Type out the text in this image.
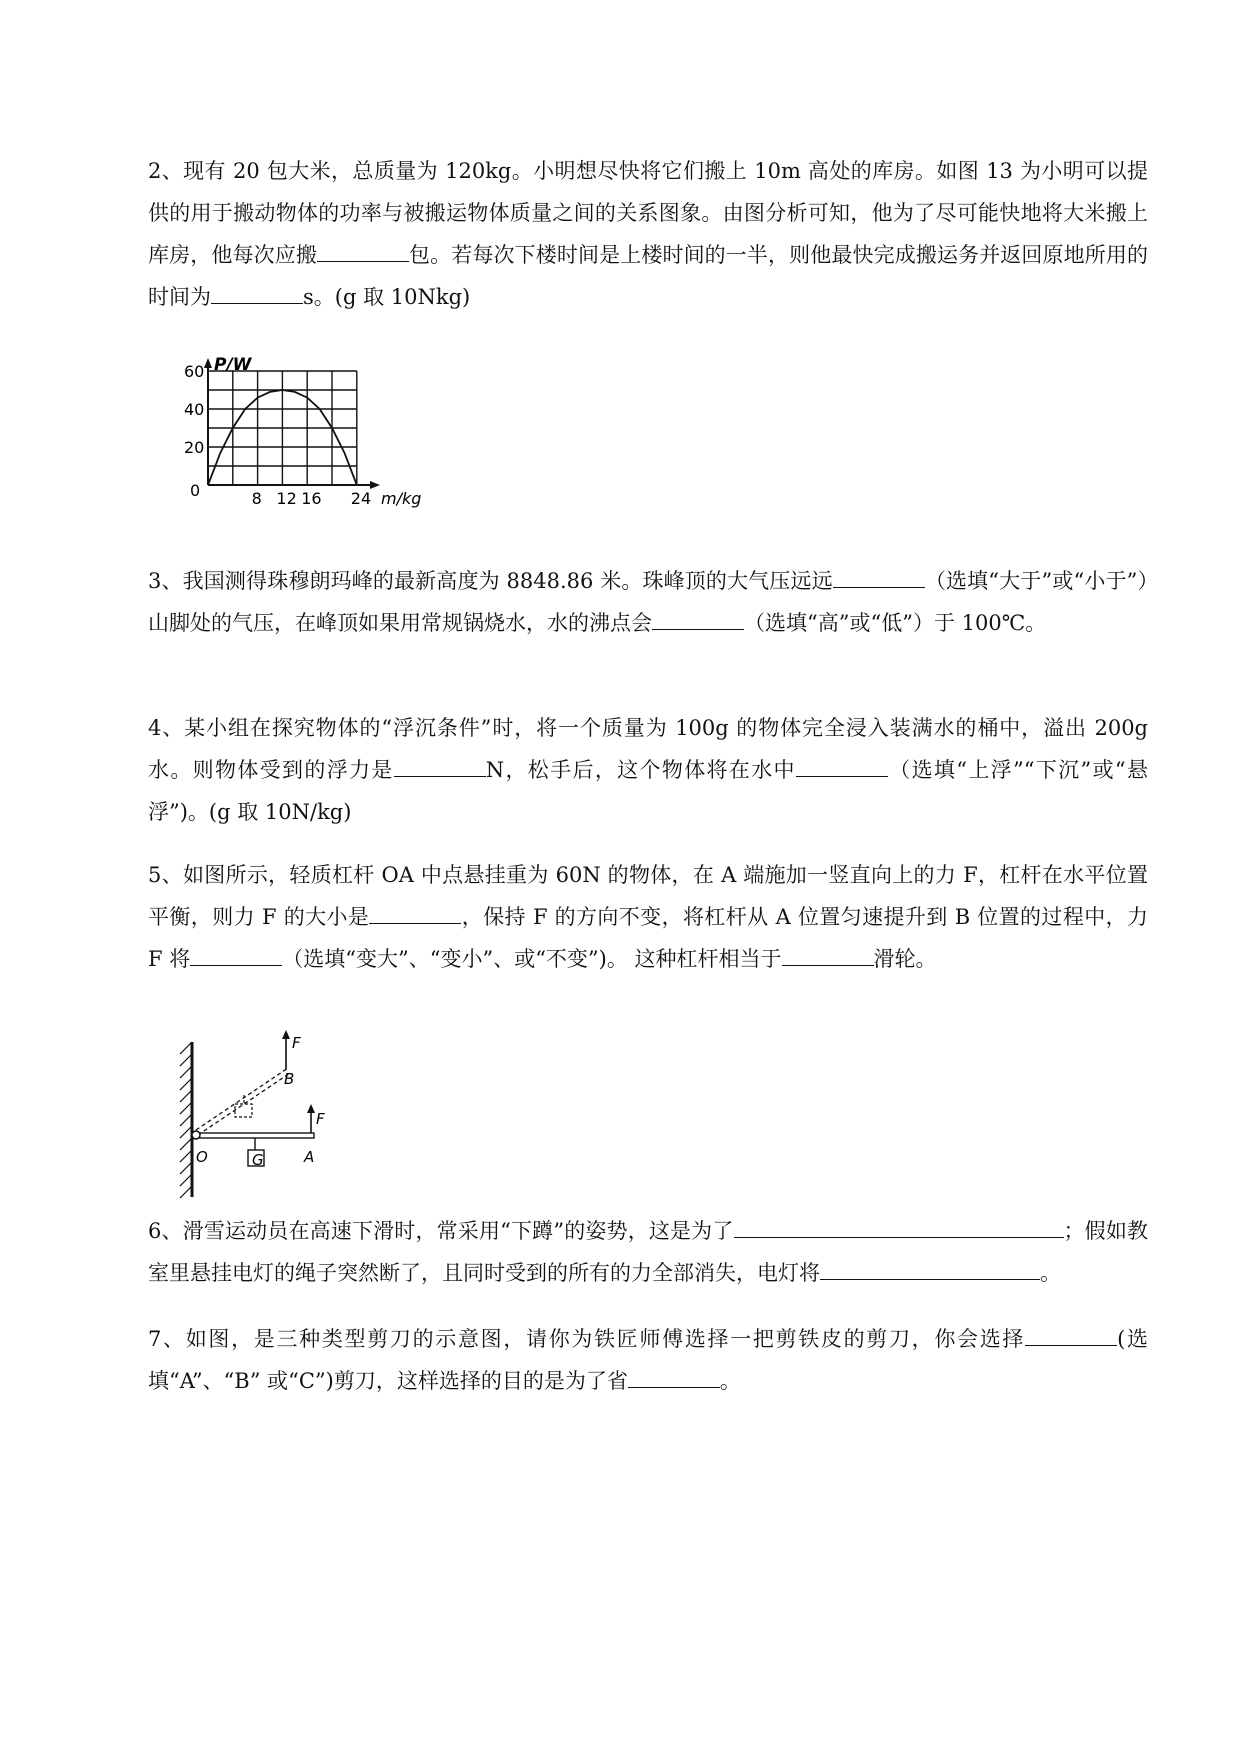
2、现有 20 包大米，总质量为 120kg。小明想尽快将它们搬上 10m 高处的库房。如图 13 为小明可以提供的用于搬动物体的功率与被搬运物体质量之间的关系图象。由图分析可知，他为了尽可能快地将大米搬上库房，他每次应搬	包。若每次下楼时间是上楼时间的一半，则他最快完成搬运务并返回原地所用的时间为	s。(g 取 10Nkg)

P/W
m/kg
0
20
40
60
8 12 16 24

3、我国测得珠穆朗玛峰的最新高度为 8848.86 米。珠峰顶的大气压远远	（选填“大于”或“小于”）山脚处的气压，在峰顶如果用常规锅烧水，水的沸点会	（选填“高”或“低”）于 100℃。

4、某小组在探究物体的“浮沉条件”时，将一个质量为 100g 的物体完全浸入装满水的桶中，溢出 200g 水。则物体受到的浮力是	N，松手后，这个物体将在水中	（选填“上浮”“下沉”或“悬浮”)。(g 取 10N/kg)

5、如图所示，轻质杠杆 OA 中点悬挂重为 60N 的物体，在 A 端施加一竖直向上的力 F，杠杆在水平位置平衡，则力 F 的大小是	，保持 F 的方向不变，将杠杆从 A 位置匀速提升到 B 位置的过程中，力 F 将	（选填“变大”、“变小”、或“不变”)。 这种杠杆相当于	滑轮。

G
F
F
B
O	A

6、滑雪运动员在高速下滑时，常采用“下蹲”的姿势，这是为了	；假如教室里悬挂电灯的绳子突然断了，且同时受到的所有的力全部消失，电灯将	。

7、如图，是三种类型剪刀的示意图，请你为铁匠师傅选择一把剪铁皮的剪刀，你会选择	(选填“A”、“B” 或“C”)剪刀，这样选择的目的是为了省	。
